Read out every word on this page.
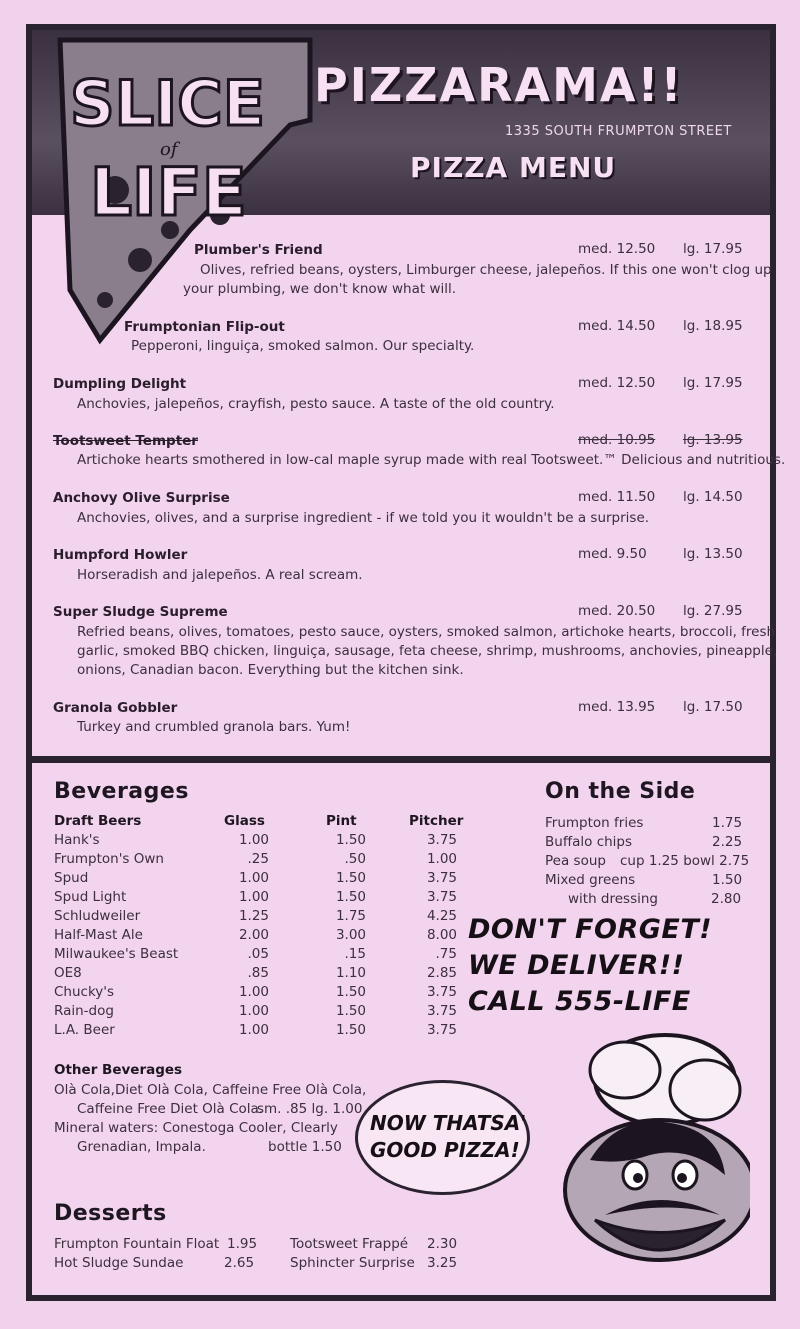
SLICE
of
LIFE
PIZZARAMA!!
1335 SOUTH FRUMPTON STREET
PIZZA MENU
Plumber's Friend
Olives, refried beans, oysters, Limburger cheese, jalepeños. If this one won't clog up
your plumbing, we don't know what will.
med. 12.50 lg. 17.95
Frumptonian Flip-out
Pepperoni, linguiça, smoked salmon. Our specialty.
med. 14.50 lg. 18.95
Dumpling Delight
Anchovies, jalepeños, crayfish, pesto sauce. A taste of the old country.
med. 12.50 lg. 17.95
Tootsweet Tempter
Artichoke hearts smothered in low-cal maple syrup made with real Tootsweet.™ Delicious and nutritious.
med. 10.95 lg. 13.95
Anchovy Olive Surprise
Anchovies, olives, and a surprise ingredient - if we told you it wouldn't be a surprise.
med. 11.50 lg. 14.50
Humpford Howler
Horseradish and jalepeños. A real scream.
med. 9.50	lg. 13.50
Super Sludge Supreme
Refried beans, olives, tomatoes, pesto sauce, oysters, smoked salmon, artichoke hearts, broccoli, fresh
garlic, smoked BBQ chicken, linguiça, sausage, feta cheese, shrimp, mushrooms, anchovies, pineapple,
onions, Canadian bacon. Everything but the kitchen sink.
med. 20.50 lg. 27.95
Granola Gobbler
Turkey and crumbled granola bars. Yum!
med. 13.95 lg. 17.50
Beverages
Draft Beers	Glass	Pint	Pitcher
Hank's	1.00	1.50	3.75
Frumpton's Own	.25	.50	1.00
Spud	1.00	1.50	3.75
Spud Light	1.00	1.50	3.75
Schludweiler	1.25	1.75	4.25
Half-Mast Ale	2.00	3.00	8.00
Milwaukee's Beast	.05	.15	.75
OE8	.85	1.10	2.85
Chucky's	1.00	1.50	3.75
Rain-dog	1.00	1.50	3.75
L.A. Beer	1.00	1.50	3.75
Other Beverages
Olà Cola,Diet Olà Cola, Caffeine Free Olà Cola,
Caffeine Free Diet Olà Cola.
sm. .85 lg. 1.00
Mineral waters: Conestoga Cooler, Clearly
Grenadian, Impala.	bottle 1.50
Desserts
Frumpton Fountain Float 1.95
Hot Sludge Sundae	2.65
Tootsweet Frappé 2.30
Sphincter Surprise 3.25
On the Side
Frumpton fries	1.75
Buffalo chips	2.25
Pea soup cup 1.25 bowl 2.75
Mixed greens	1.50
with dressing	2.80
DON'T FORGET!
WE DELIVER!!
CALL 555-LIFE
NOW THATSA'
GOOD PIZZA!
